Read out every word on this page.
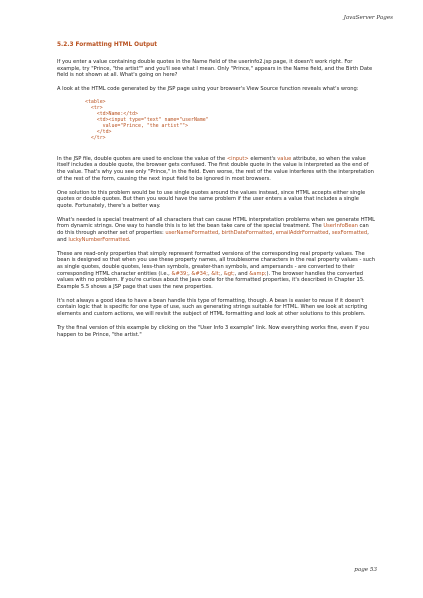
JavaServer Pages
5.2.3 Formatting HTML Output

If you enter a value containing double quotes in the Name field of the userinfo2.jsp page, it doesn't work right. For example, try "Prince, "the artist"" and you'll see what I mean. Only "Prince," appears in the Name field, and the Birth Date field is not shown at all. What's going on here?

A look at the HTML code generated by the JSP page using your browser's View Source function reveals what's wrong:

<table>
<tr>
<td>Name:</td>
<td><input type="text" name="userName"
value="Prince, "the artist"">
</td>
</tr>

In the JSP file, double quotes are used to enclose the value of the <input> element's value attribute, so when the value itself includes a double quote, the browser gets confused. The first double quote in the value is interpreted as the end of the value. That's why you see only "Prince," in the field. Even worse, the rest of the value interferes with the interpretation of the rest of the form, causing the next input field to be ignored in most browsers.

One solution to this problem would be to use single quotes around the values instead, since HTML accepts either single quotes or double quotes. But then you would have the same problem if the user enters a value that includes a single quote. Fortunately, there's a better way.

What's needed is special treatment of all characters that can cause HTML interpretation problems when we generate HTML from dynamic strings. One way to handle this is to let the bean take care of the special treatment. The UserInfoBean can do this through another set of properties: userNameFormatted, birthDateFormatted, emailAddrFormatted, sexFormatted, and luckyNumberFormatted.

These are read-only properties that simply represent formatted versions of the corresponding real property values. The bean is designed so that when you use these property names, all troublesome characters in the real property values - such as single quotes, double quotes, less-than symbols, greater-than symbols, and ampersands - are converted to their corresponding HTML character entities (i.e., &#39;, &#34;, &lt;, &gt;, and &amp;). The browser handles the converted values with no problem. If you're curious about the Java code for the formatted properties, it's described in Chapter 15. Example 5.5 shows a JSP page that uses the new properties.

It's not always a good idea to have a bean handle this type of formatting, though. A bean is easier to reuse if it doesn't contain logic that is specific for one type of use, such as generating strings suitable for HTML. When we look at scripting elements and custom actions, we will revisit the subject of HTML formatting and look at other solutions to this problem.

Try the final version of this example by clicking on the "User Info 3 example" link. Now everything works fine, even if you happen to be Prince, "the artist."

page 53
